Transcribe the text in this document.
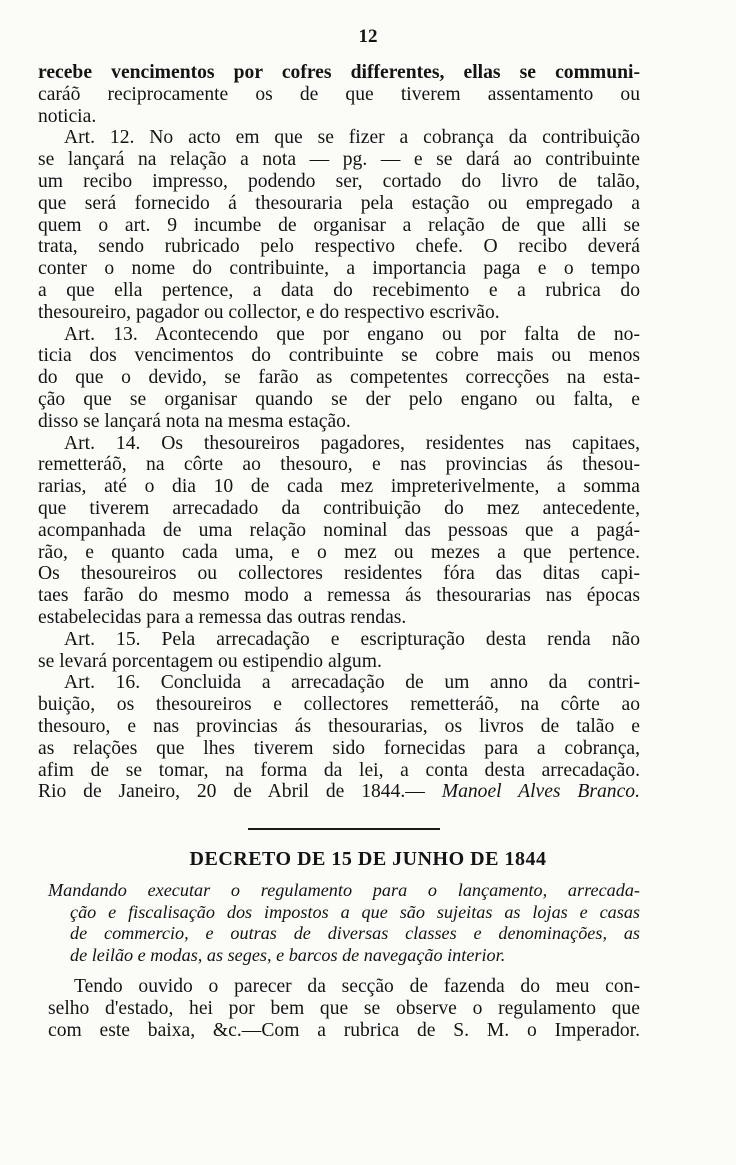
12
recebe vencimentos por cofres differentes, ellas se communi-
caráõ reciprocamente os de que tiverem assentamento ou
noticia.
Art. 12. No acto em que se fizer a cobrança da contribuição
se lançará na relação a nota — pg. — e se dará ao contribuinte
um recibo impresso, podendo ser, cortado do livro de talão,
que será fornecido á thesouraria pela estação ou empregado a
quem o art. 9 incumbe de organisar a relação de que alli se
trata, sendo rubricado pelo respectivo chefe. O recibo deverá
conter o nome do contribuinte, a importancia paga e o tempo
a que ella pertence, a data do recebimento e a rubrica do
thesoureiro, pagador ou collector, e do respectivo escrivão.
Art. 13. Acontecendo que por engano ou por falta de no-
ticia dos vencimentos do contribuinte se cobre mais ou menos
do que o devido, se farão as competentes correcções na esta-
ção que se organisar quando se der pelo engano ou falta, e
disso se lançará nota na mesma estação.
Art. 14. Os thesoureiros pagadores, residentes nas capitaes,
remetteráõ, na côrte ao thesouro, e nas provincias ás thesou-
rarias, até o dia 10 de cada mez impreterivelmente, a somma
que tiverem arrecadado da contribuição do mez antecedente,
acompanhada de uma relação nominal das pessoas que a pagá-
rão, e quanto cada uma, e o mez ou mezes a que pertence.
Os thesoureiros ou collectores residentes fóra das ditas capi-
taes farão do mesmo modo a remessa ás thesourarias nas épocas
estabelecidas para a remessa das outras rendas.
Art. 15. Pela arrecadação e escripturação desta renda não
se levará porcentagem ou estipendio algum.
Art. 16. Concluida a arrecadação de um anno da contri-
buição, os thesoureiros e collectores remetteráõ, na côrte ao
thesouro, e nas provincias ás thesourarias, os livros de talão e
as relações que lhes tiverem sido fornecidas para a cobrança,
afim de se tomar, na forma da lei, a conta desta arrecadação.
Rio de Janeiro, 20 de Abril de 1844.— Manoel Alves Branco.
DECRETO DE 15 DE JUNHO DE 1844
Mandando executar o regulamento para o lançamento, arrecada-
ção e fiscalisação dos impostos a que são sujeitas as lojas e casas
de commercio, e outras de diversas classes e denominações, as
de leilão e modas, as seges, e barcos de navegação interior.
Tendo ouvido o parecer da secção de fazenda do meu con-
selho d'estado, hei por bem que se observe o regulamento que
com este baixa, &c.—Com a rubrica de S. M. o Imperador.
